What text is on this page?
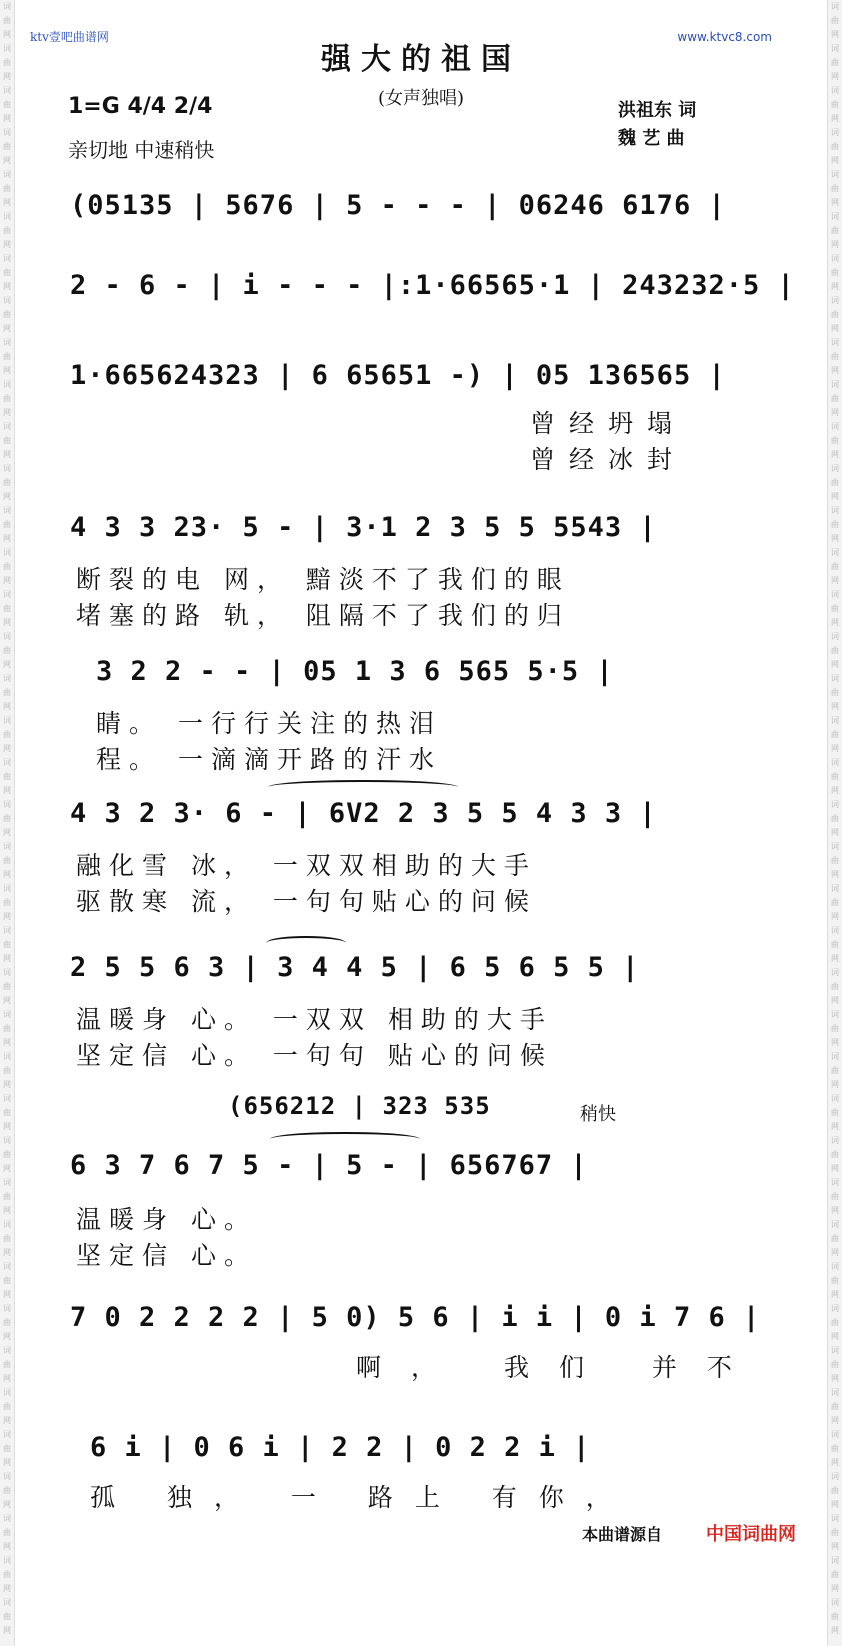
词
曲
网
词
曲
网
词
曲
网
词
曲
网
词
曲
网
词
曲
网
词
曲
网
词
曲
网
词
曲
网
词
曲
网
词
曲
网
词
曲
网
词
曲
网
词
曲
网
词
曲
网
词
曲
网
词
曲
网
词
曲
网
词
曲
网
词
曲
网
词
曲
网
词
曲
网
词
曲
网
词
曲
网
词
曲
网
词
曲
网
词
曲
网
词
曲
网
词
曲
网
词
曲
网
词
曲
网
词
曲
网
词
曲
网
词
曲
网
词
曲
网
词
曲
网
词
曲
网
词
曲
网
词
曲
网
词
曲
网
词
曲
网
词
曲
网
词
曲
网
词
曲
网
词
曲
网
词
曲
网
词
曲
网
词
曲
网
词
曲
网
词
曲
网
词
曲
网
词
曲
网
词
曲
网
词
曲
网
词
曲
网
词
曲
网
词
曲
网
词
曲
网
词
曲
网
词
曲
网
词
曲
网
词
曲
网
词
曲
网
词
曲
网
词
曲
网
词
曲
网
词
曲
网
词
曲
网
词
曲
网
词
曲
网
词
曲
网
词
曲
网
词
曲
网
词
曲
网
词
曲
网
词
曲
网
词
曲
网
词
曲
网
ktv壹吧曲谱网	www.ktvc8.com
强大的祖国
(女声独唱)
1=G 4/4 2/4
亲切地 中速稍快
洪祖东 词
魏 艺 曲
(05135 | 5676 | 5 - - - | 06246 6176 |
2 - 6 - | i - - - |:1·66565·1 | 243232·5 |
1·665624323 | 6 65651 -) | 05 136565 |
曾经坍塌
曾经冰封
4 3 3 23· 5 - | 3·1 2 3 5 5 5543 |
断裂的电 网， 黯淡不了我们的眼
堵塞的路 轨， 阻隔不了我们的归
3 2 2 - - | 05 1 3 6 565 5·5 |
睛。 一行行关注的热泪
程。 一滴滴开路的汗水
4 3 2 3· 6 - | 6V2 2 3 5 5 4 3 3 |
融化雪 冰， 一双双相助的大手
驱散寒 流， 一句句贴心的问候
2 5 5 6 3 | 3 4 4 5 | 6 5 6 5 5 |
温暖身 心。 一双双 相助的大手
坚定信 心。 一句句 贴心的问候
(656212 | 323 535	稍快
6 3 7 6 7 5 - | 5 - | 656767 |
温暖身 心。
坚定信 心。
7 0 2 2 2 2 | 5 0) 5 6 | i i | 0 i 7 6 |
啊， 我们 并不
6 i | 0 6 i | 2 2 | 0 2 2 i |
孤 独， 一 路上 有你，
本曲谱源自 中国词曲网
